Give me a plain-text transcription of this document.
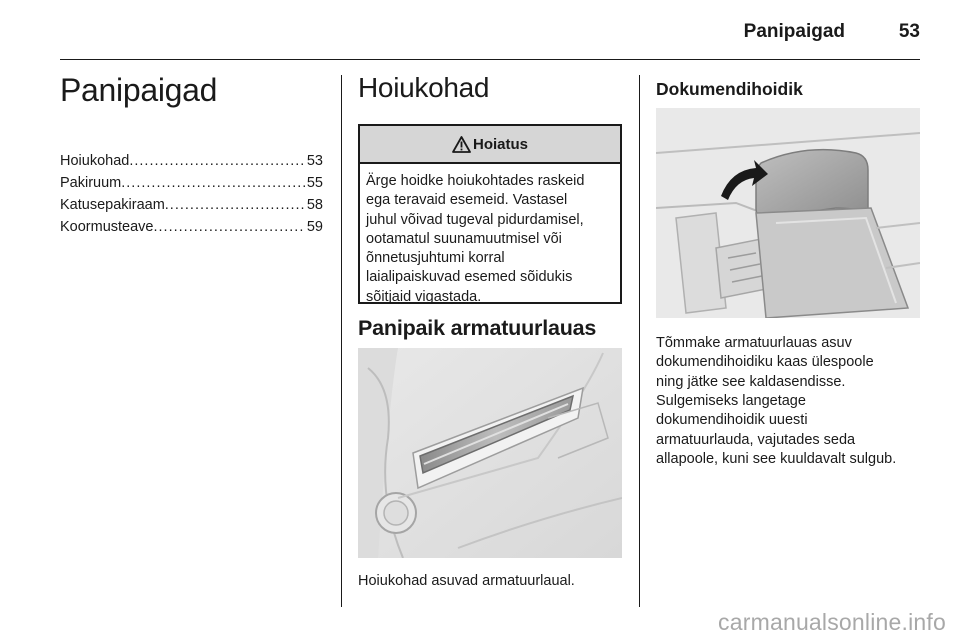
Panipaigad	53
Panipaigad
Hoiukohad .....	53
Pakiruum .....	55
Katusepakiraam .....	58
Koormusteave .....	59
Hoiukohad
Hoiatus
Ärge hoidke hoiukohtades raskeid
ega teravaid esemeid. Vastasel
juhul võivad tugeval pidurdamisel,
ootamatul suunamuutmisel või
õnnetusjuhtumi korral
laialipaiskuvad esemed sõidukis
sõitjaid vigastada.
Panipaik armatuurlauas
Hoiukohad asuvad armatuurlaual.
Dokumendihoidik
Tõmmake armatuurlauas asuv
dokumendihoidiku kaas ülespoole
ning jätke see kaldasendisse.
Sulgemiseks langetage
dokumendihoidik uuesti
armatuurlauda, vajutades seda
allapoole, kuni see kuuldavalt sulgub.
carmanualsonline.info
